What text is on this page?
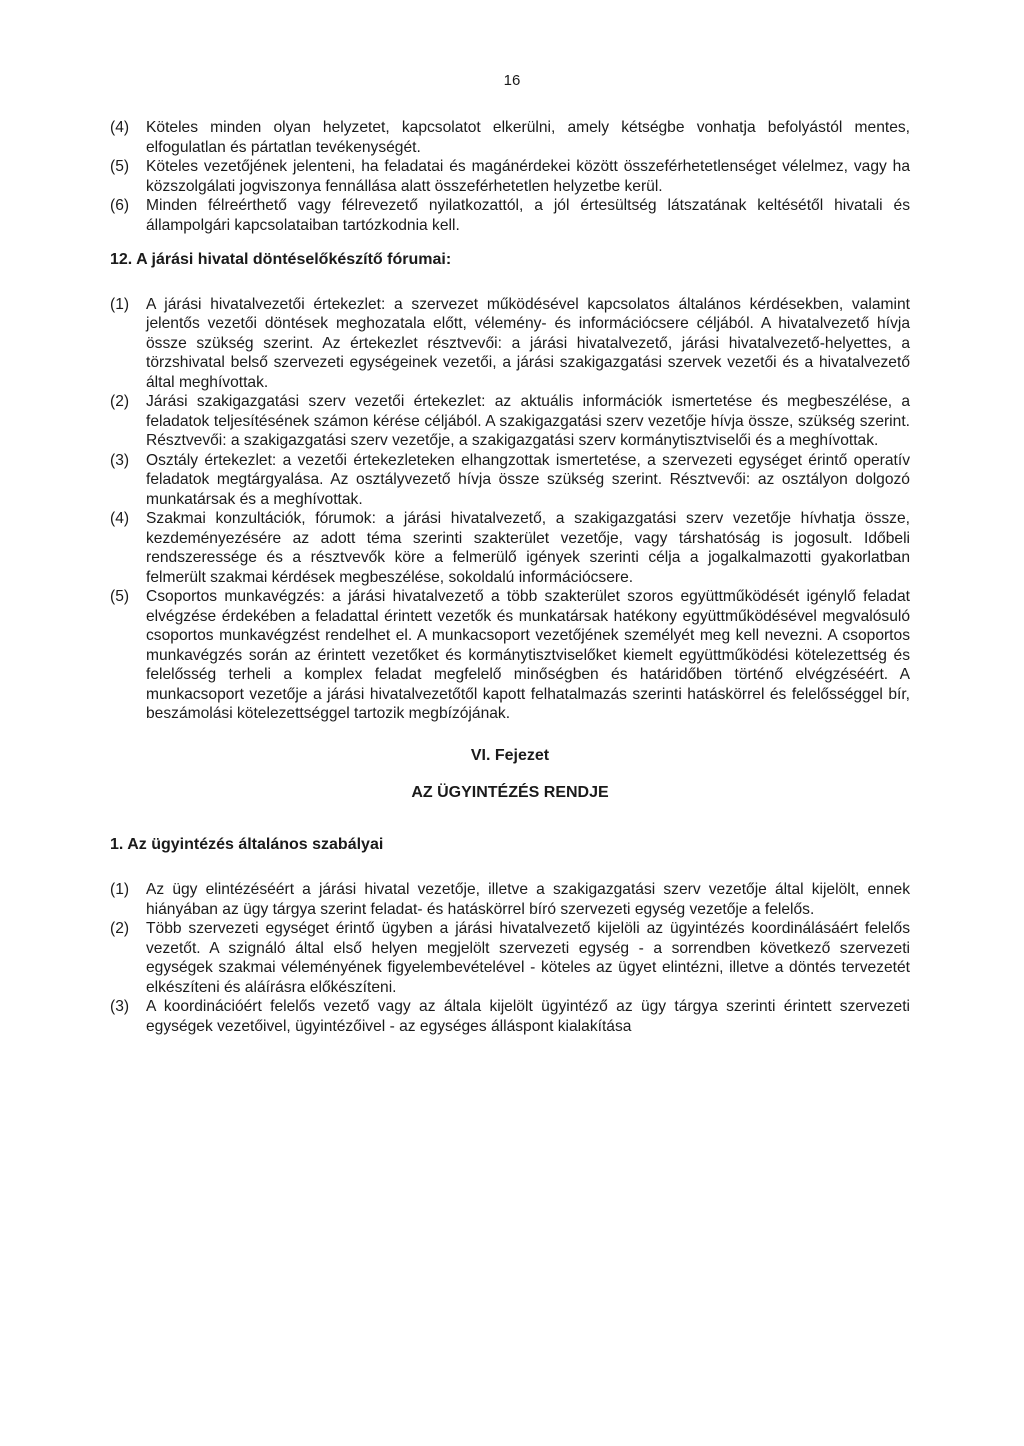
16
(4)	Köteles minden olyan helyzetet, kapcsolatot elkerülni, amely kétségbe vonhatja befolyástól mentes, elfogulatlan és pártatlan tevékenységét.
(5)	Köteles vezetőjének jelenteni, ha feladatai és magánérdekei között összeférhetetlenséget vélelmez, vagy ha közszolgálati jogviszonya fennállása alatt összeférhetetlen helyzetbe kerül.
(6)	Minden félreérthető vagy félrevezető nyilatkozattól, a jól értesültség látszatának keltésétől hivatali és állampolgári kapcsolataiban tartózkodnia kell.
12. A járási hivatal döntéselőkészítő fórumai:
(1)	A járási hivatalvezetői értekezlet: a szervezet működésével kapcsolatos általános kérdésekben, valamint jelentős vezetői döntések meghozatala előtt, vélemény- és információcsere céljából. A hivatalvezető hívja össze szükség szerint. Az értekezlet résztvevői: a járási hivatalvezető, járási hivatalvezető-helyettes, a törzshivatal belső szervezeti egységeinek vezetői, a járási szakigazgatási szervek vezetői és a hivatalvezető által meghívottak.
(2)	Járási szakigazgatási szerv vezetői értekezlet: az aktuális információk ismertetése és megbeszélése, a feladatok teljesítésének számon kérése céljából. A szakigazgatási szerv vezetője hívja össze, szükség szerint. Résztvevői: a szakigazgatási szerv vezetője, a szakigazgatási szerv kormánytisztviselői és a meghívottak.
(3)	Osztály értekezlet: a vezetői értekezleteken elhangzottak ismertetése, a szervezeti egységet érintő operatív feladatok megtárgyalása. Az osztályvezető hívja össze szükség szerint. Résztvevői: az osztályon dolgozó munkatársak és a meghívottak.
(4)	Szakmai konzultációk, fórumok: a járási hivatalvezető, a szakigazgatási szerv vezetője hívhatja össze, kezdeményezésére az adott téma szerinti szakterület vezetője, vagy társhatóság is jogosult. Időbeli rendszeressége és a résztvevők köre a felmerülő igények szerinti célja a jogalkalmazotti gyakorlatban felmerült szakmai kérdések megbeszélése, sokoldalú információcsere.
(5)	Csoportos munkavégzés: a járási hivatalvezető a több szakterület szoros együttműködését igénylő feladat elvégzése érdekében a feladattal érintett vezetők és munkatársak hatékony együttműködésével megvalósuló csoportos munkavégzést rendelhet el. A munkacsoport vezetőjének személyét meg kell nevezni. A csoportos munkavégzés során az érintett vezetőket és kormánytisztviselőket kiemelt együttműködési kötelezettség és felelősség terheli a komplex feladat megfelelő minőségben és határidőben történő elvégzéséért. A munkacsoport vezetője a járási hivatalvezetőtől kapott felhatalmazás szerinti hatáskörrel és felelősséggel bír, beszámolási kötelezettséggel tartozik megbízójának.
VI. Fejezet
AZ ÜGYINTÉZÉS RENDJE
1. Az ügyintézés általános szabályai
(1)	Az ügy elintézéséért a járási hivatal vezetője, illetve a szakigazgatási szerv vezetője által kijelölt, ennek hiányában az ügy tárgya szerint feladat- és hatáskörrel bíró szervezeti egység vezetője a felelős.
(2)	Több szervezeti egységet érintő ügyben a járási hivatalvezető kijelöli az ügyintézés koordinálásáért felelős vezetőt. A szignáló által első helyen megjelölt szervezeti egység - a sorrendben következő szervezeti egységek szakmai véleményének figyelembevételével - köteles az ügyet elintézni, illetve a döntés tervezetét elkészíteni és aláírásra előkészíteni.
(3)	A koordinációért felelős vezető vagy az általa kijelölt ügyintéző az ügy tárgya szerinti érintett szervezeti egységek vezetőivel, ügyintézőivel - az egységes álláspont kialakítása
